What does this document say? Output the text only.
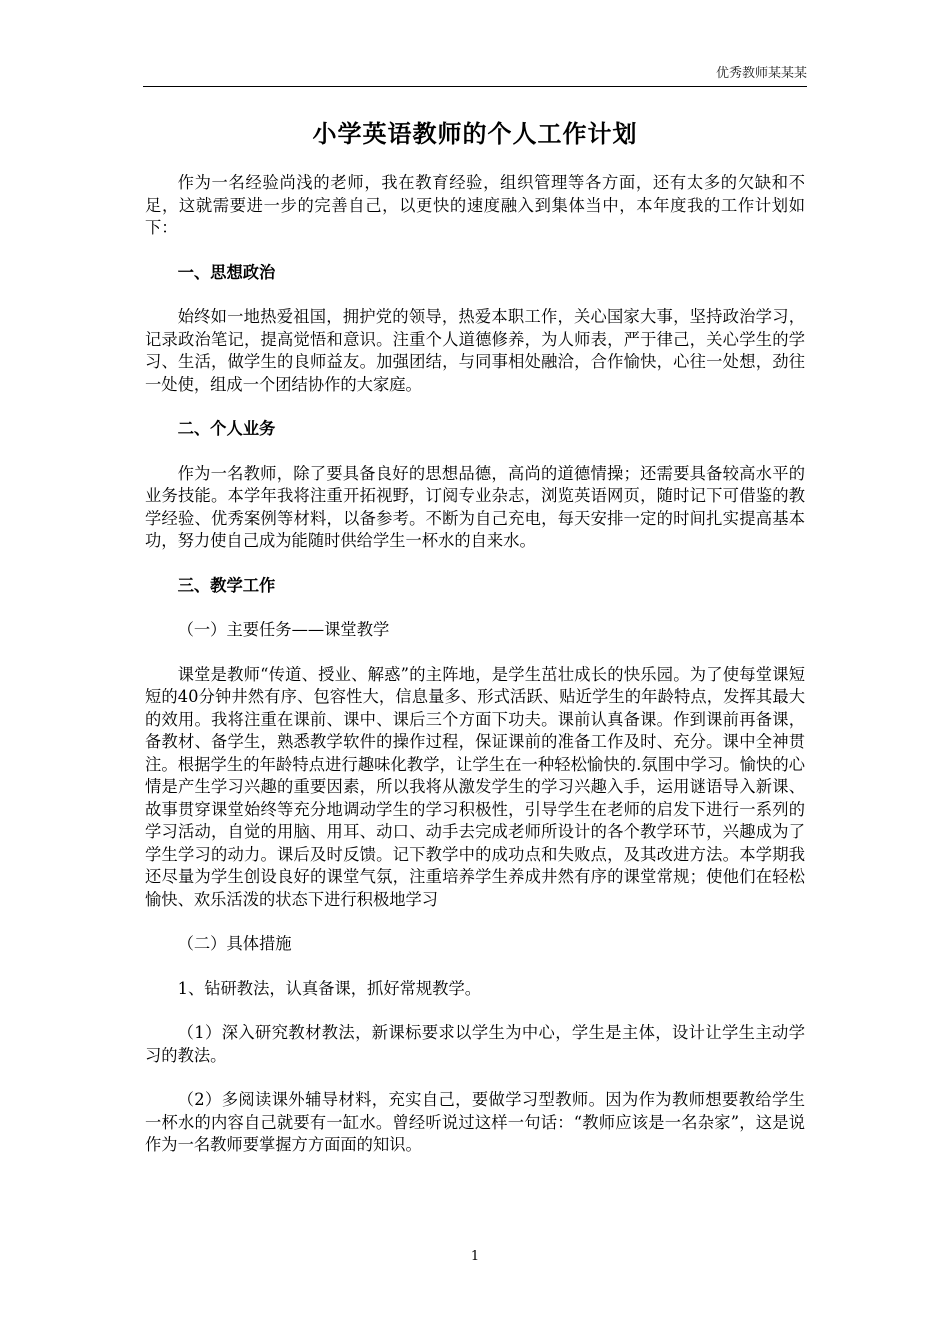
优秀教师某某某
小学英语教师的个人工作计划

作为一名经验尚浅的老师，我在教育经验，组织管理等各方面，还有太多的欠缺和不足，这就需要进一步的完善自己，以更快的速度融入到集体当中，本年度我的工作计划如下：

一、思想政治

始终如一地热爱祖国，拥护党的领导，热爱本职工作，关心国家大事，坚持政治学习，记录政治笔记，提高觉悟和意识。注重个人道德修养，为人师表，严于律己，关心学生的学习、生活，做学生的良师益友。加强团结，与同事相处融洽，合作愉快，心往一处想，劲往一处使，组成一个团结协作的大家庭。

二、个人业务

作为一名教师，除了要具备良好的思想品德，高尚的道德情操；还需要具备较高水平的业务技能。本学年我将注重开拓视野，订阅专业杂志，浏览英语网页，随时记下可借鉴的教学经验、优秀案例等材料，以备参考。不断为自己充电，每天安排一定的时间扎实提高基本功，努力使自己成为能随时供给学生一杯水的自来水。

三、教学工作

（一）主要任务——课堂教学

课堂是教师“传道、授业、解惑”的主阵地，是学生茁壮成长的快乐园。为了使每堂课短短的40分钟井然有序、包容性大，信息量多、形式活跃、贴近学生的年龄特点，发挥其最大的效用。我将注重在课前、课中、课后三个方面下功夫。课前认真备课。作到课前再备课，备教材、备学生，熟悉教学软件的操作过程，保证课前的准备工作及时、充分。课中全神贯注。根据学生的年龄特点进行趣味化教学，让学生在一种轻松愉快的.氛围中学习。愉快的心情是产生学习兴趣的重要因素，所以我将从激发学生的学习兴趣入手，运用谜语导入新课、故事贯穿课堂始终等充分地调动学生的学习积极性，引导学生在老师的启发下进行一系列的学习活动，自觉的用脑、用耳、动口、动手去完成老师所设计的各个教学环节，兴趣成为了学生学习的动力。课后及时反馈。记下教学中的成功点和失败点，及其改进方法。本学期我还尽量为学生创设良好的课堂气氛，注重培养学生养成井然有序的课堂常规；使他们在轻松愉快、欢乐活泼的状态下进行积极地学习

（二）具体措施

1、钻研教法，认真备课，抓好常规教学。

（1）深入研究教材教法，新课标要求以学生为中心，学生是主体，设计让学生主动学习的教法。

（2）多阅读课外辅导材料，充实自己，要做学习型教师。因为作为教师想要教给学生一杯水的内容自己就要有一缸水。曾经听说过这样一句话：“教师应该是一名杂家”，这是说作为一名教师要掌握方方面面的知识。

1
